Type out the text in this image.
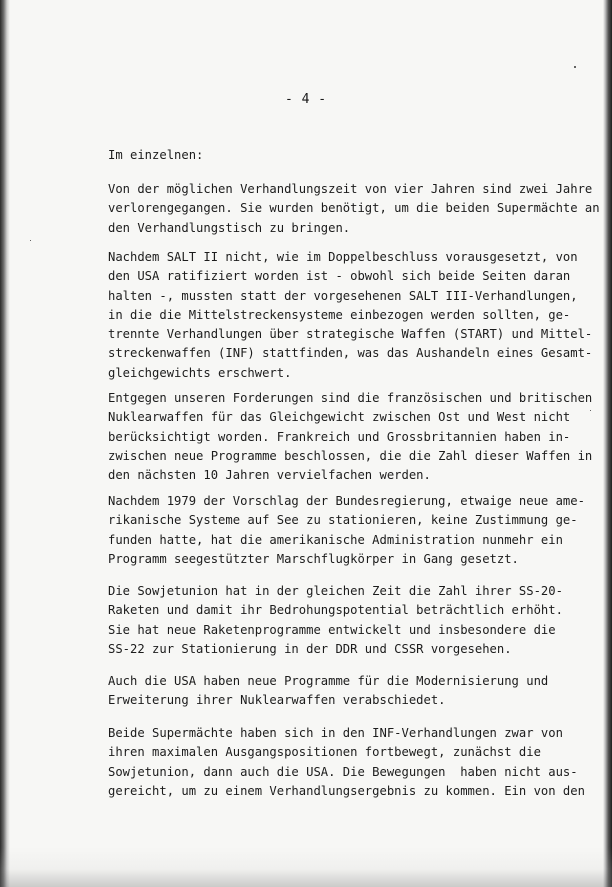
- 4 -
Im einzelnen:
Von der möglichen Verhandlungszeit von vier Jahren sind zwei Jahre
verlorengegangen. Sie wurden benötigt, um die beiden Supermächte an
den Verhandlungstisch zu bringen.
Nachdem SALT II nicht, wie im Doppelbeschluss vorausgesetzt, von
den USA ratifiziert worden ist - obwohl sich beide Seiten daran
halten -, mussten statt der vorgesehenen SALT III-Verhandlungen,
in die die Mittelstreckensysteme einbezogen werden sollten, ge-
trennte Verhandlungen über strategische Waffen (START) und Mittel-
streckenwaffen (INF) stattfinden, was das Aushandeln eines Gesamt-
gleichgewichts erschwert.
Entgegen unseren Forderungen sind die französischen und britischen
Nuklearwaffen für das Gleichgewicht zwischen Ost und West nicht
berücksichtigt worden. Frankreich und Grossbritannien haben in-
zwischen neue Programme beschlossen, die die Zahl dieser Waffen in
den nächsten 10 Jahren vervielfachen werden.
Nachdem 1979 der Vorschlag der Bundesregierung, etwaige neue ame-
rikanische Systeme auf See zu stationieren, keine Zustimmung ge-
funden hatte, hat die amerikanische Administration nunmehr ein
Programm seegestützter Marschflugkörper in Gang gesetzt.
Die Sowjetunion hat in der gleichen Zeit die Zahl ihrer SS-20-
Raketen und damit ihr Bedrohungspotential beträchtlich erhöht.
Sie hat neue Raketenprogramme entwickelt und insbesondere die
SS-22 zur Stationierung in der DDR und CSSR vorgesehen.
Auch die USA haben neue Programme für die Modernisierung und
Erweiterung ihrer Nuklearwaffen verabschiedet.
Beide Supermächte haben sich in den INF-Verhandlungen zwar von
ihren maximalen Ausgangspositionen fortbewegt, zunächst die
Sowjetunion, dann auch die USA. Die Bewegungen  haben nicht aus-
gereicht, um zu einem Verhandlungsergebnis zu kommen. Ein von den
